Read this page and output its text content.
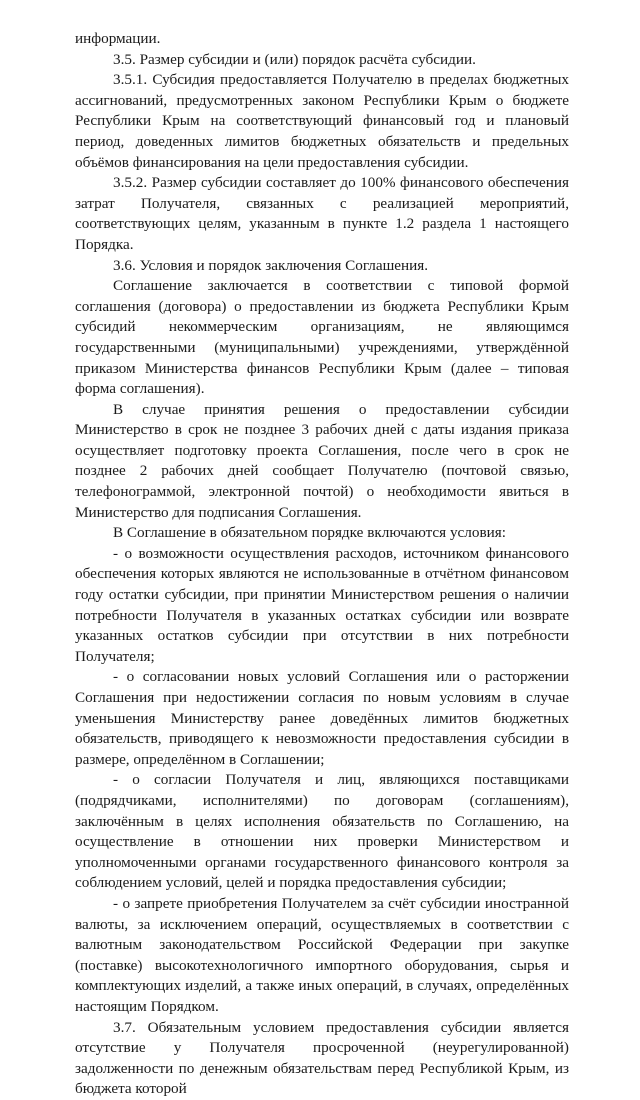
информации.

3.5. Размер субсидии и (или) порядок расчёта субсидии.

3.5.1. Субсидия предоставляется Получателю в пределах бюджетных ассигнований, предусмотренных законом Республики Крым о бюджете Республики Крым на соответствующий финансовый год и плановый период, доведенных лимитов бюджетных обязательств и предельных объёмов финансирования на цели предоставления субсидии.

3.5.2. Размер субсидии составляет до 100% финансового обеспечения затрат Получателя, связанных с реализацией мероприятий, соответствующих целям, указанным в пункте 1.2 раздела 1 настоящего Порядка.

3.6. Условия и порядок заключения Соглашения.

Соглашение заключается в соответствии с типовой формой соглашения (договора) о предоставлении из бюджета Республики Крым субсидий некоммерческим организациям, не являющимся государственными (муниципальными) учреждениями, утверждённой приказом Министерства финансов Республики Крым (далее – типовая форма соглашения).

В случае принятия решения о предоставлении субсидии Министерство в срок не позднее 3 рабочих дней с даты издания приказа осуществляет подготовку проекта Соглашения, после чего в срок не позднее 2 рабочих дней сообщает Получателю (почтовой связью, телефонограммой, электронной почтой) о необходимости явиться в Министерство для подписания Соглашения.

В Соглашение в обязательном порядке включаются условия:

- о возможности осуществления расходов, источником финансового обеспечения которых являются не использованные в отчётном финансовом году остатки субсидии, при принятии Министерством решения о наличии потребности Получателя в указанных остатках субсидии или возврате указанных остатков субсидии при отсутствии в них потребности Получателя;

- о согласовании новых условий Соглашения или о расторжении Соглашения при недостижении согласия по новым условиям в случае уменьшения Министерству ранее доведённых лимитов бюджетных обязательств, приводящего к невозможности предоставления субсидии в размере, определённом в Соглашении;

- о согласии Получателя и лиц, являющихся поставщиками (подрядчиками, исполнителями) по договорам (соглашениям), заключённым в целях исполнения обязательств по Соглашению, на осуществление в отношении них проверки Министерством и уполномоченными органами государственного финансового контроля за соблюдением условий, целей и порядка предоставления субсидии;

- о запрете приобретения Получателем за счёт субсидии иностранной валюты, за исключением операций, осуществляемых в соответствии с валютным законодательством Российской Федерации при закупке (поставке) высокотехнологичного импортного оборудования, сырья и комплектующих изделий, а также иных операций, в случаях, определённых настоящим Порядком.

3.7. Обязательным условием предоставления субсидии является отсутствие у Получателя просроченной (неурегулированной) задолженности по денежным обязательствам перед Республикой Крым, из бюджета которой
